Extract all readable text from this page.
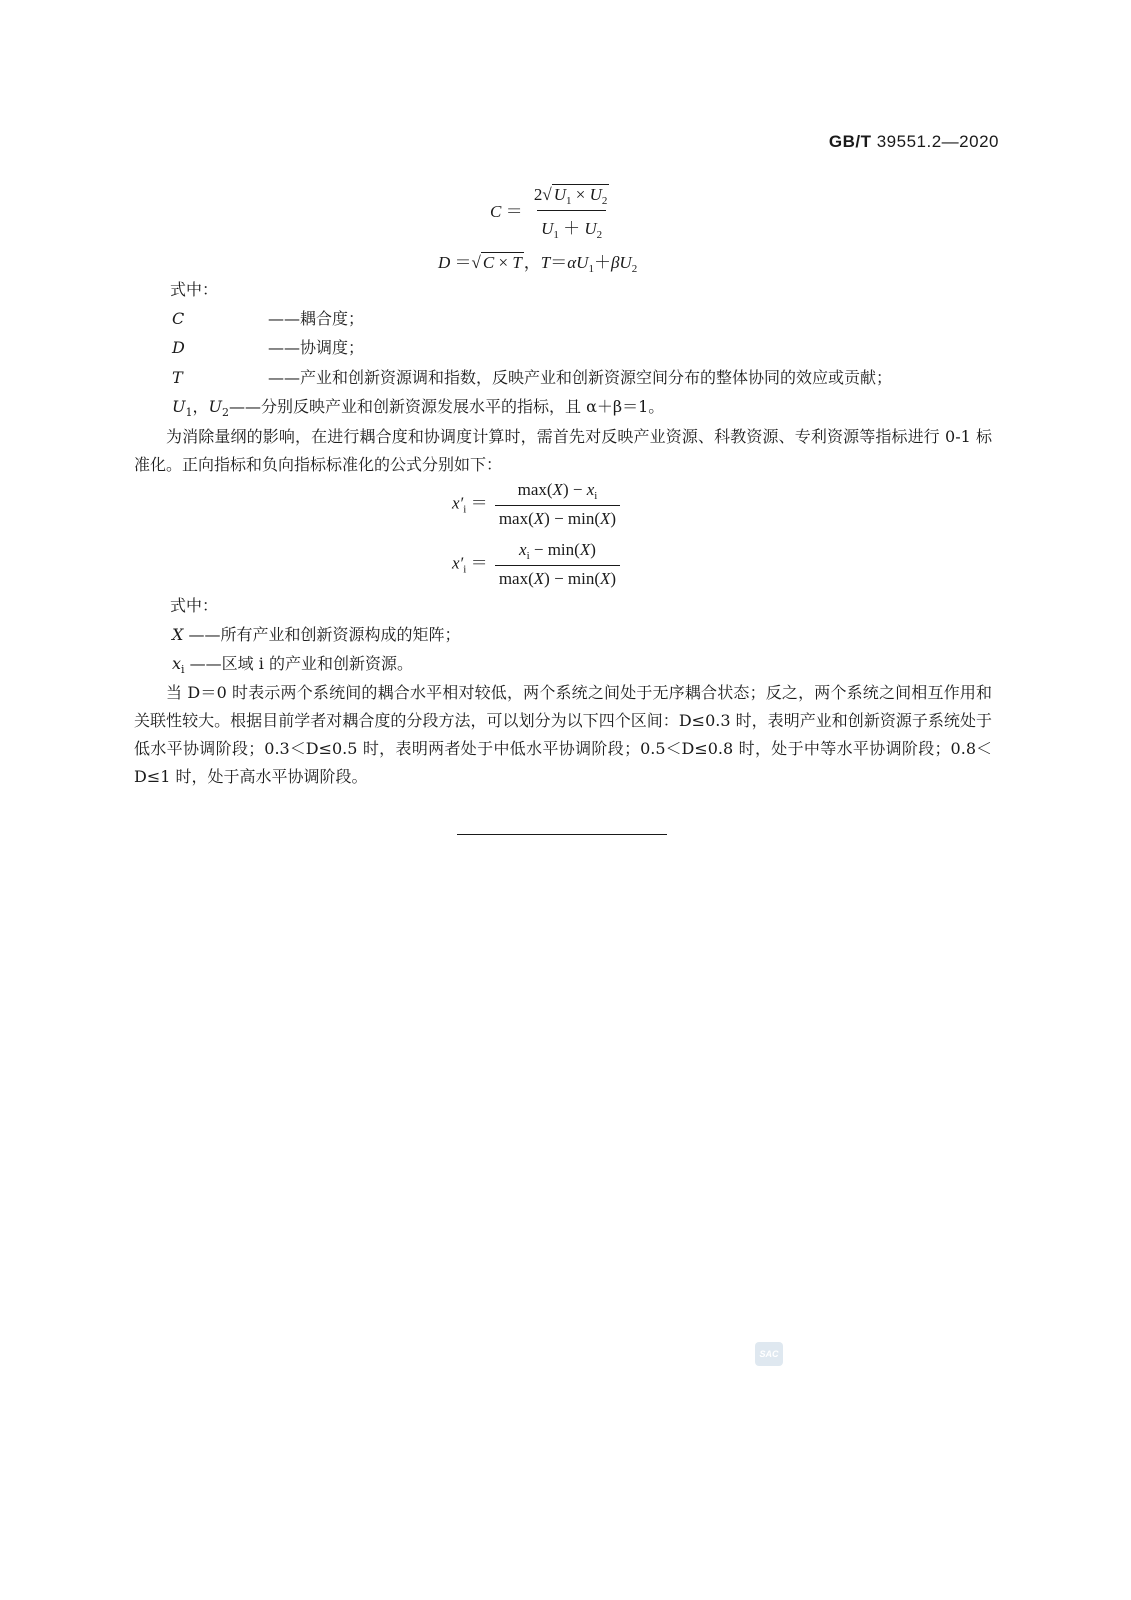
GB/T 39551.2—2020
$C = \frac{2√ U_1 \times U_2}{U_1 + U_2}$
D ＝√ C × T ，$T=\alpha U_1+\beta U_2$
式中：
C	——耦合度；
D	——协调度；
T	——产业和创新资源调和指数，反映产业和创新资源空间分布的整体协同的效应或贡献；
$U_1$，$U_2——$分别反映产业和创新资源发展水平的指标，且 α＋β＝1。
为消除量纲的影响，在进行耦合度和协调度计算时，需首先对反映产业资源、科教资源、专利资源等指标进行 0-1 标准化。正向指标和负向指标标准化的公式分别如下：
$x'_i = \frac{\max(X) - x_i}{\max(X) - \min(X)}$
$x'_i = \frac{x_i - \min(X)}{\max(X) - \min(X)}$
式中：
X ——所有产业和创新资源构成的矩阵；
$x_i$ ——区域 i 的产业和创新资源。
当 D＝0 时表示两个系统间的耦合水平相对较低，两个系统之间处于无序耦合状态；反之，两个系统之间相互作用和关联性较大。根据目前学者对耦合度的分段方法，可以划分为以下四个区间：D≤0.3 时，表明产业和创新资源子系统处于低水平协调阶段；0.3＜D≤0.5 时，表明两者处于中低水平协调阶段；0.5＜D≤0.8 时，处于中等水平协调阶段；0.8＜D≤1 时，处于高水平协调阶段。
SAC
